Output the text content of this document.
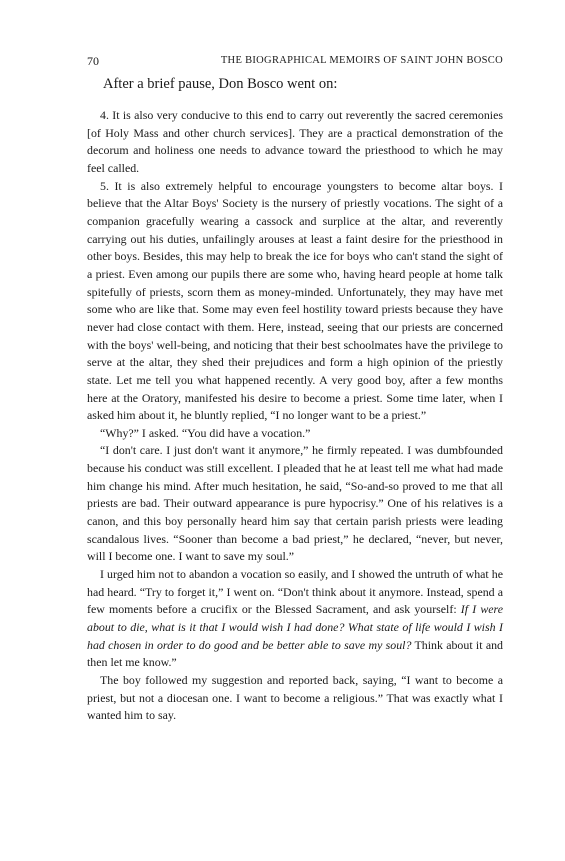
70	THE BIOGRAPHICAL MEMOIRS OF SAINT JOHN BOSCO
After a brief pause, Don Bosco went on:

4. It is also very conducive to this end to carry out reverently the sacred ceremonies [of Holy Mass and other church services]. They are a practical demonstration of the decorum and holiness one needs to advance toward the priesthood to which he may feel called.

5. It is also extremely helpful to encourage youngsters to become altar boys. I believe that the Altar Boys' Society is the nursery of priestly vocations. The sight of a companion gracefully wearing a cassock and surplice at the altar, and reverently carrying out his duties, unfailingly arouses at least a faint desire for the priesthood in other boys. Besides, this may help to break the ice for boys who can't stand the sight of a priest. Even among our pupils there are some who, having heard people at home talk spitefully of priests, scorn them as money-minded. Unfortunately, they may have met some who are like that. Some may even feel hostility toward priests because they have never had close contact with them. Here, instead, seeing that our priests are concerned with the boys' well-being, and noticing that their best schoolmates have the privilege to serve at the altar, they shed their prejudices and form a high opinion of the priestly state. Let me tell you what happened recently. A very good boy, after a few months here at the Oratory, manifested his desire to become a priest. Some time later, when I asked him about it, he bluntly replied, “I no longer want to be a priest.”

“Why?” I asked. “You did have a vocation.”

“I don't care. I just don't want it anymore,” he firmly repeated. I was dumbfounded because his conduct was still excellent. I pleaded that he at least tell me what had made him change his mind. After much hesitation, he said, “So-and-so proved to me that all priests are bad. Their outward appearance is pure hypocrisy.” One of his relatives is a canon, and this boy personally heard him say that certain parish priests were leading scandalous lives. “Sooner than become a bad priest,” he declared, “never, but never, will I become one. I want to save my soul.”

I urged him not to abandon a vocation so easily, and I showed the untruth of what he had heard. “Try to forget it,” I went on. “Don't think about it anymore. Instead, spend a few moments before a crucifix or the Blessed Sacrament, and ask yourself: If I were about to die, what is it that I would wish I had done? What state of life would I wish I had chosen in order to do good and be better able to save my soul? Think about it and then let me know.”

The boy followed my suggestion and reported back, saying, “I want to become a priest, but not a diocesan one. I want to become a religious.” That was exactly what I wanted him to say.
